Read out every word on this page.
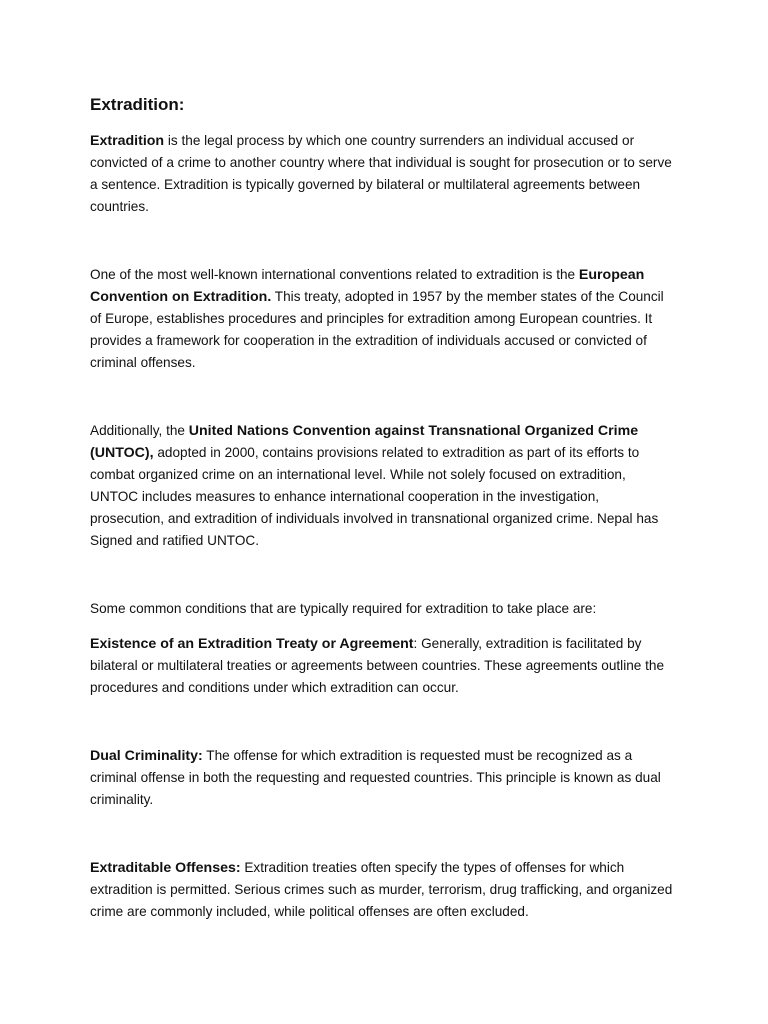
Extradition:

Extradition is the legal process by which one country surrenders an individual accused or convicted of a crime to another country where that individual is sought for prosecution or to serve a sentence. Extradition is typically governed by bilateral or multilateral agreements between countries.

One of the most well-known international conventions related to extradition is the European Convention on Extradition. This treaty, adopted in 1957 by the member states of the Council of Europe, establishes procedures and principles for extradition among European countries. It provides a framework for cooperation in the extradition of individuals accused or convicted of criminal offenses.

Additionally, the United Nations Convention against Transnational Organized Crime (UNTOC), adopted in 2000, contains provisions related to extradition as part of its efforts to combat organized crime on an international level. While not solely focused on extradition, UNTOC includes measures to enhance international cooperation in the investigation, prosecution, and extradition of individuals involved in transnational organized crime. Nepal has Signed and ratified UNTOC.

Some common conditions that are typically required for extradition to take place are:

Existence of an Extradition Treaty or Agreement: Generally, extradition is facilitated by bilateral or multilateral treaties or agreements between countries. These agreements outline the procedures and conditions under which extradition can occur.

Dual Criminality: The offense for which extradition is requested must be recognized as a criminal offense in both the requesting and requested countries. This principle is known as dual criminality.

Extraditable Offenses: Extradition treaties often specify the types of offenses for which extradition is permitted. Serious crimes such as murder, terrorism, drug trafficking, and organized crime are commonly included, while political offenses are often excluded.
